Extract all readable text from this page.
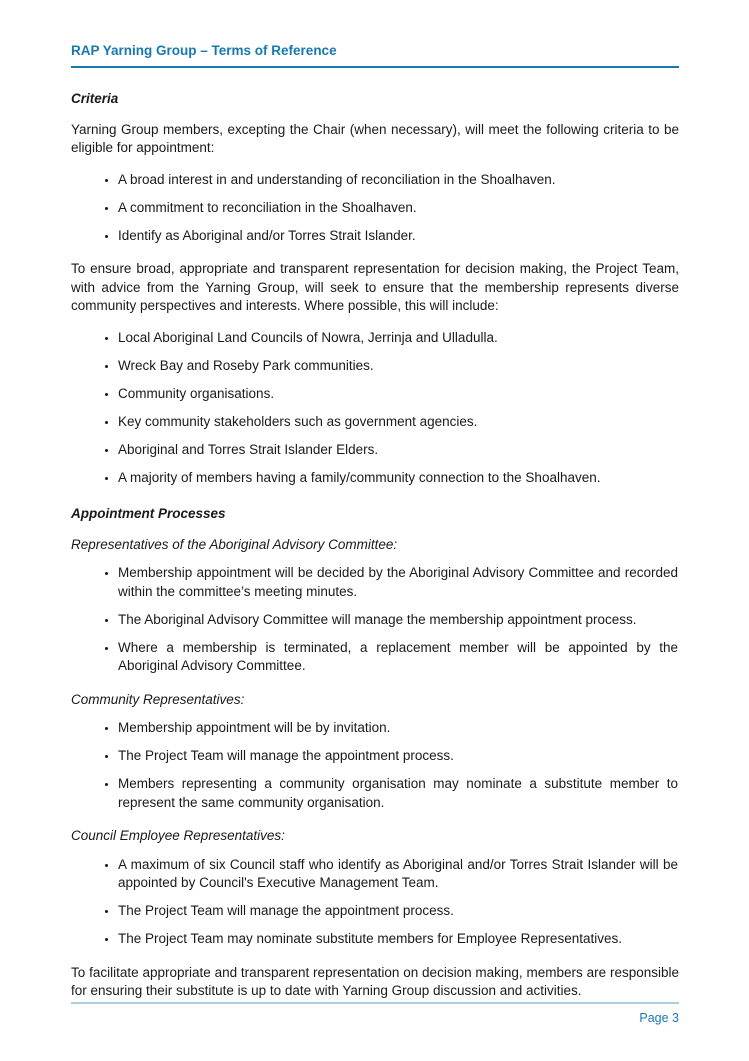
RAP Yarning Group – Terms of Reference
Criteria

Yarning Group members, excepting the Chair (when necessary), will meet the following criteria to be eligible for appointment:

• A broad interest in and understanding of reconciliation in the Shoalhaven.
• A commitment to reconciliation in the Shoalhaven.
• Identify as Aboriginal and/or Torres Strait Islander.

To ensure broad, appropriate and transparent representation for decision making, the Project Team, with advice from the Yarning Group, will seek to ensure that the membership represents diverse community perspectives and interests. Where possible, this will include:

• Local Aboriginal Land Councils of Nowra, Jerrinja and Ulladulla.
• Wreck Bay and Roseby Park communities.
• Community organisations.
• Key community stakeholders such as government agencies.
• Aboriginal and Torres Strait Islander Elders.
• A majority of members having a family/community connection to the Shoalhaven.
Appointment Processes
Representatives of the Aboriginal Advisory Committee:
• Membership appointment will be decided by the Aboriginal Advisory Committee and recorded within the committee’s meeting minutes.
• The Aboriginal Advisory Committee will manage the membership appointment process.
• Where a membership is terminated, a replacement member will be appointed by the Aboriginal Advisory Committee.
Community Representatives:
• Membership appointment will be by invitation.
• The Project Team will manage the appointment process.
• Members representing a community organisation may nominate a substitute member to represent the same community organisation.
Council Employee Representatives:
• A maximum of six Council staff who identify as Aboriginal and/or Torres Strait Islander will be appointed by Council's Executive Management Team.
• The Project Team will manage the appointment process.
• The Project Team may nominate substitute members for Employee Representatives.

To facilitate appropriate and transparent representation on decision making, members are responsible for ensuring their substitute is up to date with Yarning Group discussion and activities.

Page 3
